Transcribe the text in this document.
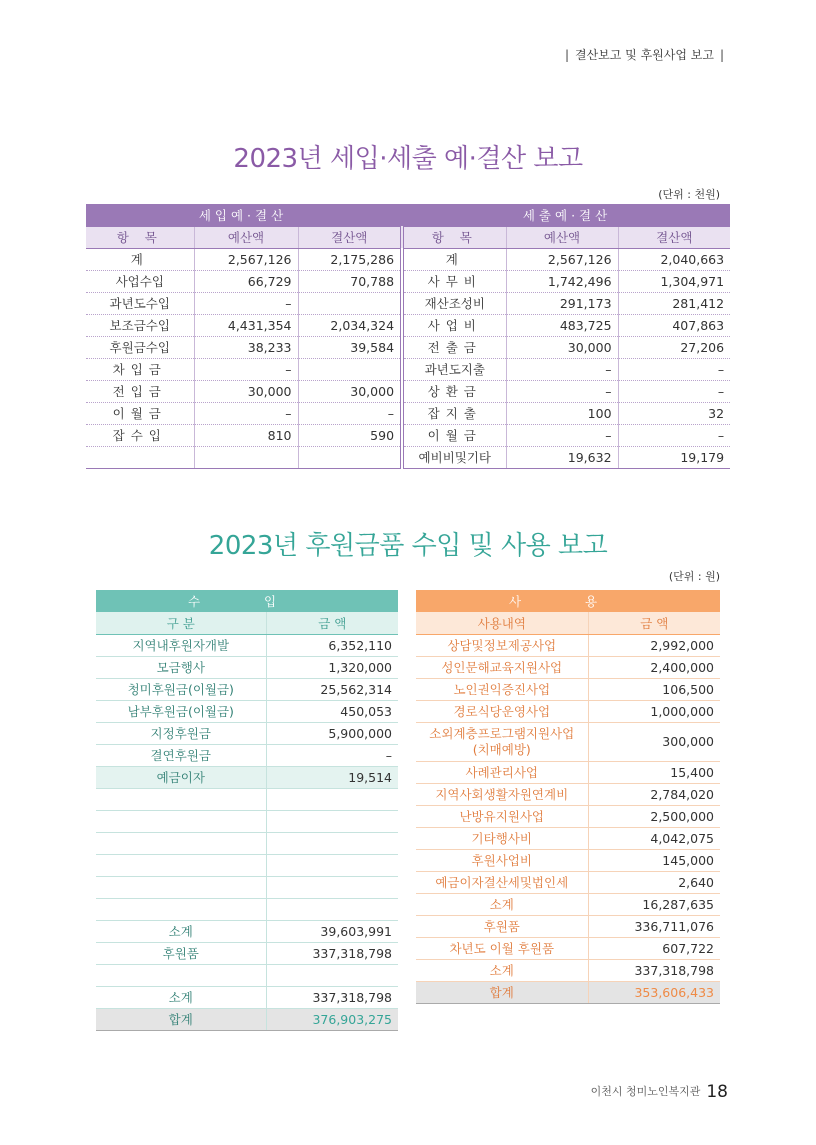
| 결산보고 및 후원사업 보고 |
2023년 세입·세출 예·결산 보고
(단위 : 천원)
세입예·결산			세출예·결산		
항 목	예산액	결산액	항 목	예산액	결산액
계	2,567,126	2,175,286	계	2,567,126	2,040,663
사업수입	66,729	70,788	사무비	1,742,496	1,304,971
과년도수입	–		재산조성비	291,173	281,412
보조금수입	4,431,354	2,034,324	사업비	483,725	407,863
후원금수입	38,233	39,584	전출금	30,000	27,206
차입금	–		과년도지출	–	–
전입금	30,000	30,000	상환금	–	–
이월금	–	–	잡지출	100	32
잡수입	810	590	이월금	–	–
			예비비및기타	19,632	19,179
2023년 후원금품 수입 및 사용 보고
(단위 : 원)
수 입	
구 분	금 액
지역내후원자개발	6,352,110
모금행사	1,320,000
청미후원금(이월금)	25,562,314
남부후원금(이월금)	450,053
지정후원금	5,900,000
결연후원금	–
예금이자	19,514

소계	39,603,991
후원품	337,318,798

소계	337,318,798
합계	376,903,275
사 용	
사용내역	금 액
상담및정보제공사업	2,992,000
성인문해교육지원사업	2,400,000
노인권익증진사업	106,500
경로식당운영사업	1,000,000

소외계층프로그램지원사업
(치매예방)	300,000
사례관리사업	15,400
지역사회생활자원연계비	2,784,020
난방유지원사업	2,500,000
기타행사비	4,042,075
후원사업비	145,000
예금이자결산세및법인세	2,640
소계	16,287,635
후원품	336,711,076
차년도 이월 후원품	607,722
소계	337,318,798
합계	353,606,433
이천시 청미노인복지관 18
